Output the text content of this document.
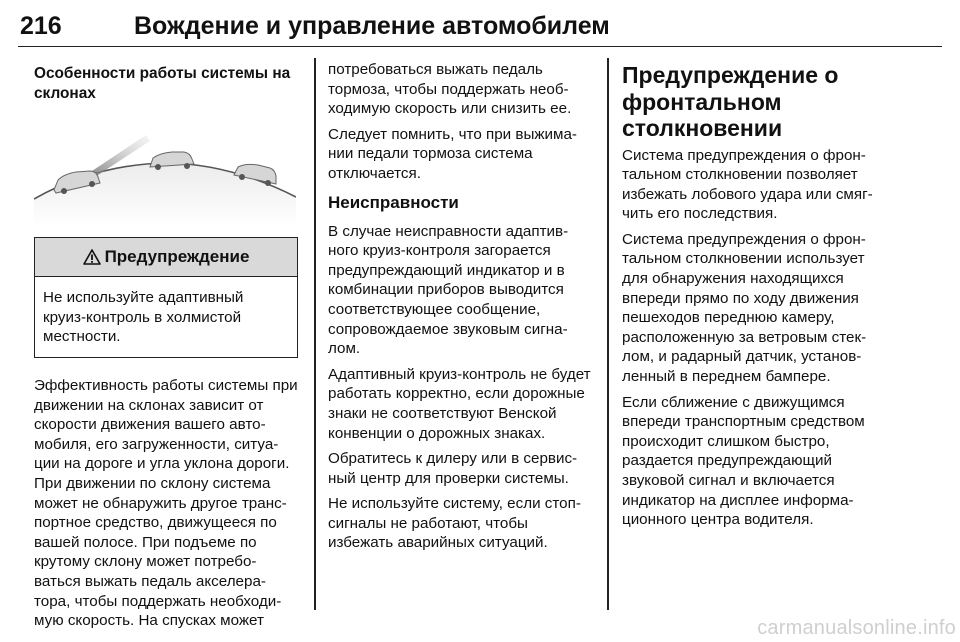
216	Вождение и управление автомобилем
Особенности работы системы на склонах
Предупреждение

Не используйте адаптивный круиз-контроль в холмистой местности.

Эффективность работы системы при движении на склонах зависит от скорости движения вашего авто-мобиля, его загруженности, ситуа-ции на дороге и угла уклона дороги. При движении по склону система может не обнаружить другое транс-портное средство, движущееся по вашей полосе. При подъеме по крутому склону может потребо-ваться выжать педаль акселера-тора, чтобы поддержать необходи-мую скорость. На спусках может

потребоваться выжать педаль тормоза, чтобы поддержать необ-ходимую скорость или снизить ее.

Следует помнить, что при выжима-нии педали тормоза система отключается.

Неисправности

В случае неисправности адаптив-ного круиз-контроля загорается предупреждающий индикатор и в комбинации приборов выводится соответствующее сообщение, сопровождаемое звуковым сигна-лом.

Адаптивный круиз-контроль не будет работать корректно, если дорожные знаки не соответствуют Венской конвенции о дорожных знаках.

Обратитесь к дилеру или в сервис-ный центр для проверки системы.

Не используйте систему, если стоп-сигналы не работают, чтобы избежать аварийных ситуаций.

Предупреждение о фронтальном столкновении

Система предупреждения о фрон-тальном столкновении позволяет избежать лобового удара или смяг-чить его последствия.

Система предупреждения о фрон-тальном столкновении использует для обнаружения находящихся впереди прямо по ходу движения пешеходов переднюю камеру, расположенную за ветровым стек-лом, и радарный датчик, установ-ленный в переднем бампере.

Если сближение с движущимся впереди транспортным средством происходит слишком быстро, раздается предупреждающий звуковой сигнал и включается индикатор на дисплее информа-ционного центра водителя.

carmanualsonline.info
